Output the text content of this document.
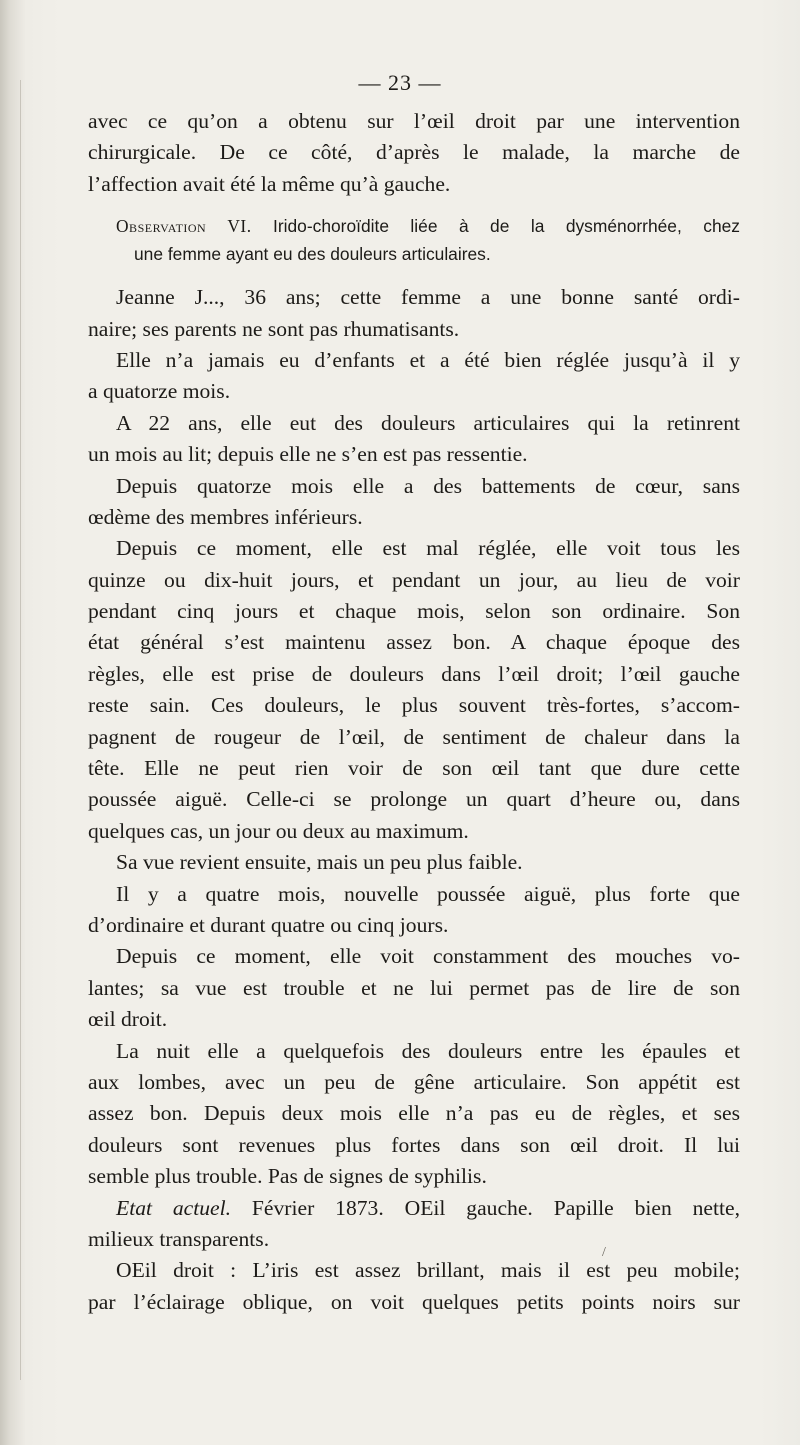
— 23 —
avec ce qu’on a obtenu sur l’œil droit par une intervention
chirurgicale. De ce côté, d’après le malade, la marche de
l’affection avait été la même qu’à gauche.
Observation VI. Irido-choroïdite liée à de la dysménorrhée, chez
une femme ayant eu des douleurs articulaires.
Jeanne J..., 36 ans; cette femme a une bonne santé ordi-
naire; ses parents ne sont pas rhumatisants.
Elle n’a jamais eu d’enfants et a été bien réglée jusqu’à il y
a quatorze mois.
A 22 ans, elle eut des douleurs articulaires qui la retinrent
un mois au lit; depuis elle ne s’en est pas ressentie.
Depuis quatorze mois elle a des battements de cœur, sans
œdème des membres inférieurs.
Depuis ce moment, elle est mal réglée, elle voit tous les
quinze ou dix-huit jours, et pendant un jour, au lieu de voir
pendant cinq jours et chaque mois, selon son ordinaire. Son
état général s’est maintenu assez bon. A chaque époque des
règles, elle est prise de douleurs dans l’œil droit; l’œil gauche
reste sain. Ces douleurs, le plus souvent très-fortes, s’accom-
pagnent de rougeur de l’œil, de sentiment de chaleur dans la
tête. Elle ne peut rien voir de son œil tant que dure cette
poussée aiguë. Celle-ci se prolonge un quart d’heure ou, dans
quelques cas, un jour ou deux au maximum.
Sa vue revient ensuite, mais un peu plus faible.
Il y a quatre mois, nouvelle poussée aiguë, plus forte que
d’ordinaire et durant quatre ou cinq jours.
Depuis ce moment, elle voit constamment des mouches vo-
lantes; sa vue est trouble et ne lui permet pas de lire de son
œil droit.
La nuit elle a quelquefois des douleurs entre les épaules et
aux lombes, avec un peu de gêne articulaire. Son appétit est
assez bon. Depuis deux mois elle n’a pas eu de règles, et ses
douleurs sont revenues plus fortes dans son œil droit. Il lui
semble plus trouble. Pas de signes de syphilis.
Etat actuel. Février 1873. OEil gauche. Papille bien nette,
milieux transparents.
OEil droit : L’iris est assez brillant, mais il est peu mobile;
par l’éclairage oblique, on voit quelques petits points noirs sur
/
